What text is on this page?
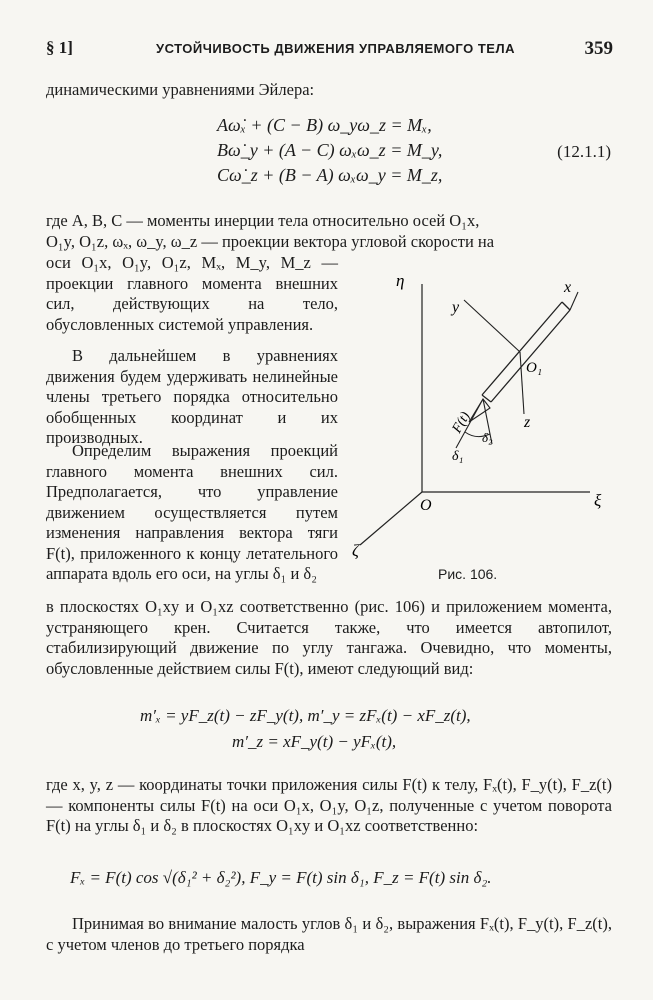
§ 1]	УСТОЙЧИВОСТЬ ДВИЖЕНИЯ УПРАВЛЯЕМОГО ТЕЛА	359
динамическими уравнениями Эйлера:
Aω̇ₓ + (C − B) ω_yω_z = Mₓ,
Bω̇_y + (A − C) ωₓω_z = M_y,
Cω̇_z + (B − A) ωₓω_y = M_z,
(12.1.1)
где A, B, C — моменты инерции тела относительно осей O₁x,
O₁y, O₁z, ωₓ, ω_y, ω_z — проекции вектора угловой скорости на
оси O₁x, O₁y, O₁z, Mₓ, M_y, M_z — проекции главного момента внешних сил, действующих на тело, обусловленных системой управления.
В дальнейшем в уравнениях движения будем удерживать нелинейные члены третьего порядка относительно обобщенных координат и их производных.
Определим выражения проекций главного момента внешних сил. Предполагается, что управление движением осуществляется путем изменения направления вектора тяги F(t), приложенного к концу летательного аппарата вдоль его оси, на углы δ₁ и δ₂
η
y
x
O₁
z
F(t)
δ₁
δ₂
O	ξ
ζ
Рис. 106.
в плоскостях O₁xy и O₁xz соответственно (рис. 106) и приложением момента, устраняющего крен. Считается также, что имеется автопилот, стабилизирующий движение по углу тангажа. Очевидно, что моменты, обусловленные действием силы F(t), имеют следующий вид:
m′ₓ = yF_z(t) − zF_y(t), m′_y = zFₓ(t) − xF_z(t),
m′_z = xF_y(t) − yFₓ(t),
где x, y, z — координаты точки приложения силы F(t) к телу, Fₓ(t), F_y(t), F_z(t) — компоненты силы F(t) на оси O₁x, O₁y, O₁z, полученные с учетом поворота F(t) на углы δ₁ и δ₂ в плоскостях O₁xy и O₁xz соответственно:
Fₓ = F(t) cos √(δ₁² + δ₂²), F_y = F(t) sin δ₁, F_z = F(t) sin δ₂.
Принимая во внимание малость углов δ₁ и δ₂, выражения Fₓ(t), F_y(t), F_z(t), с учетом членов до третьего порядка
